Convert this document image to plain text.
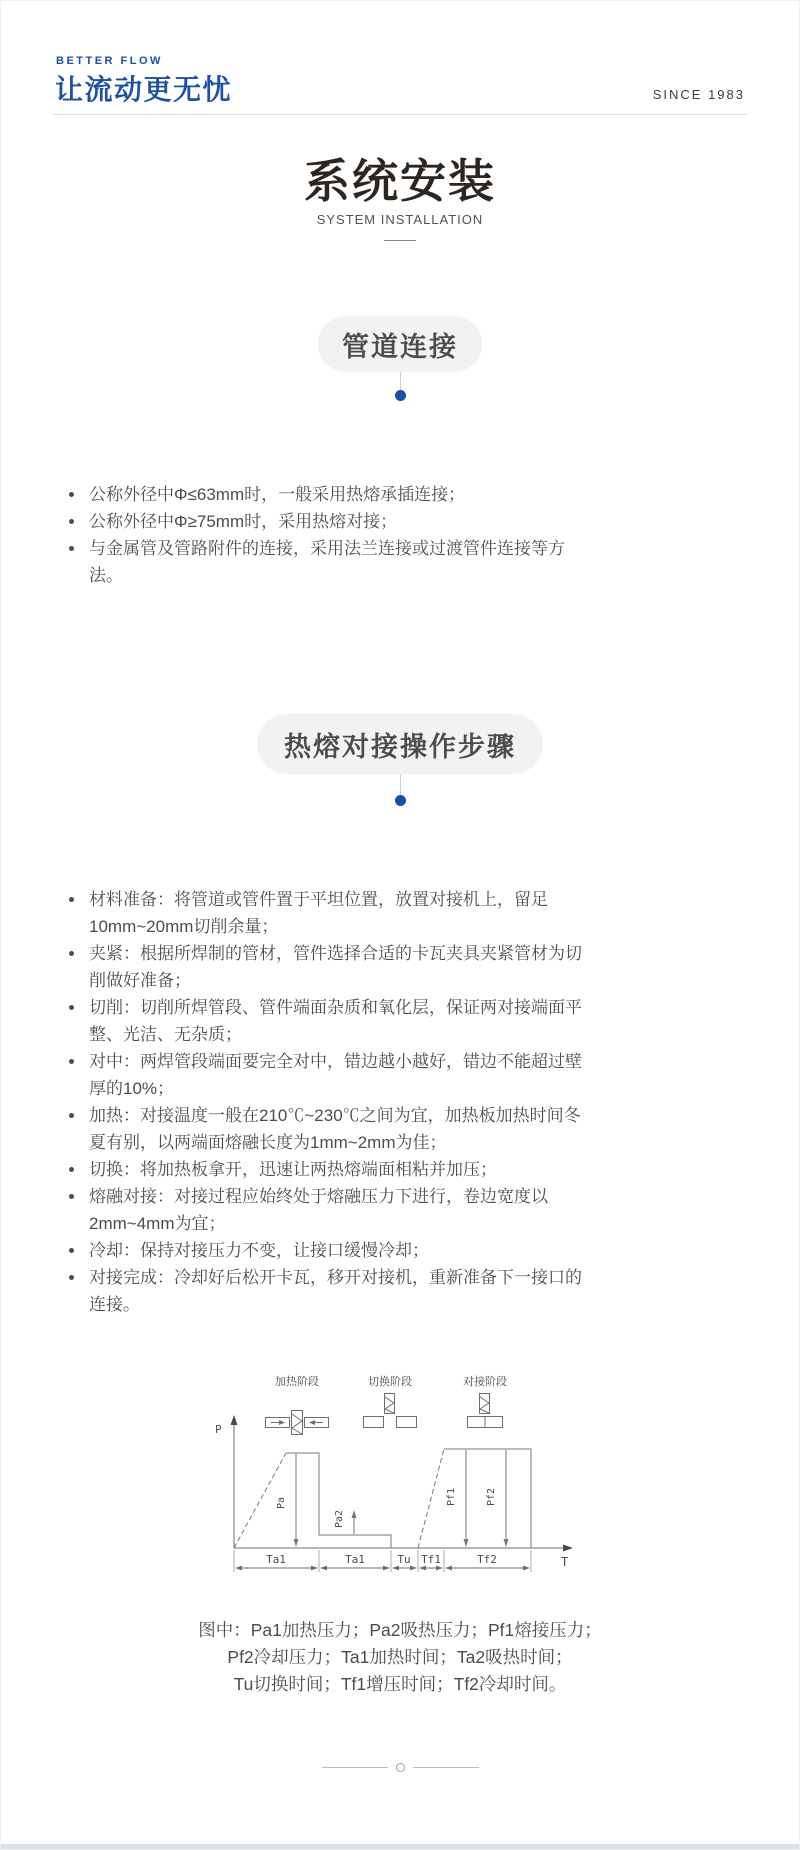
BETTER FLOW
让流动更无忧	SINCE 1983
系统安装
SYSTEM INSTALLATION
管道连接
公称外径中Φ≤63mm时，一般采用热熔承插连接；
公称外径中Φ≥75mm时，采用热熔对接；
与金属管及管路附件的连接，采用法兰连接或过渡管件连接等方法。
热熔对接操作步骤
材料准备：将管道或管件置于平坦位置，放置对接机上，留足10mm~20mm切削余量；
夹紧：根据所焊制的管材，管件选择合适的卡瓦夹具夹紧管材为切削做好准备；
切削：切削所焊管段、管件端面杂质和氧化层，保证两对接端面平整、光洁、无杂质；
对中：两焊管段端面要完全对中，错边越小越好，错边不能超过壁厚的10%；
加热：对接温度一般在210℃~230℃之间为宜，加热板加热时间冬夏有别，以两端面熔融长度为1mm~2mm为佳；
切换：将加热板拿开，迅速让两热熔端面相粘并加压；
熔融对接：对接过程应始终处于熔融压力下进行，卷边宽度以2mm~4mm为宜；
冷却：保持对接压力不变，让接口缓慢冷却；
对接完成：冷却好后松开卡瓦，移开对接机，重新准备下一接口的连接。
加热阶段	切换阶段	对接阶段
P
T
Pa
Pa2
Pf1	Pf2
Ta1	Ta1	Tu Tf1	Tf2
图中：Pa1加热压力；Pa2吸热压力；Pf1熔接压力；
Pf2冷却压力；Ta1加热时间；Ta2吸热时间；
Tu切换时间；Tf1增压时间；Tf2冷却时间。
